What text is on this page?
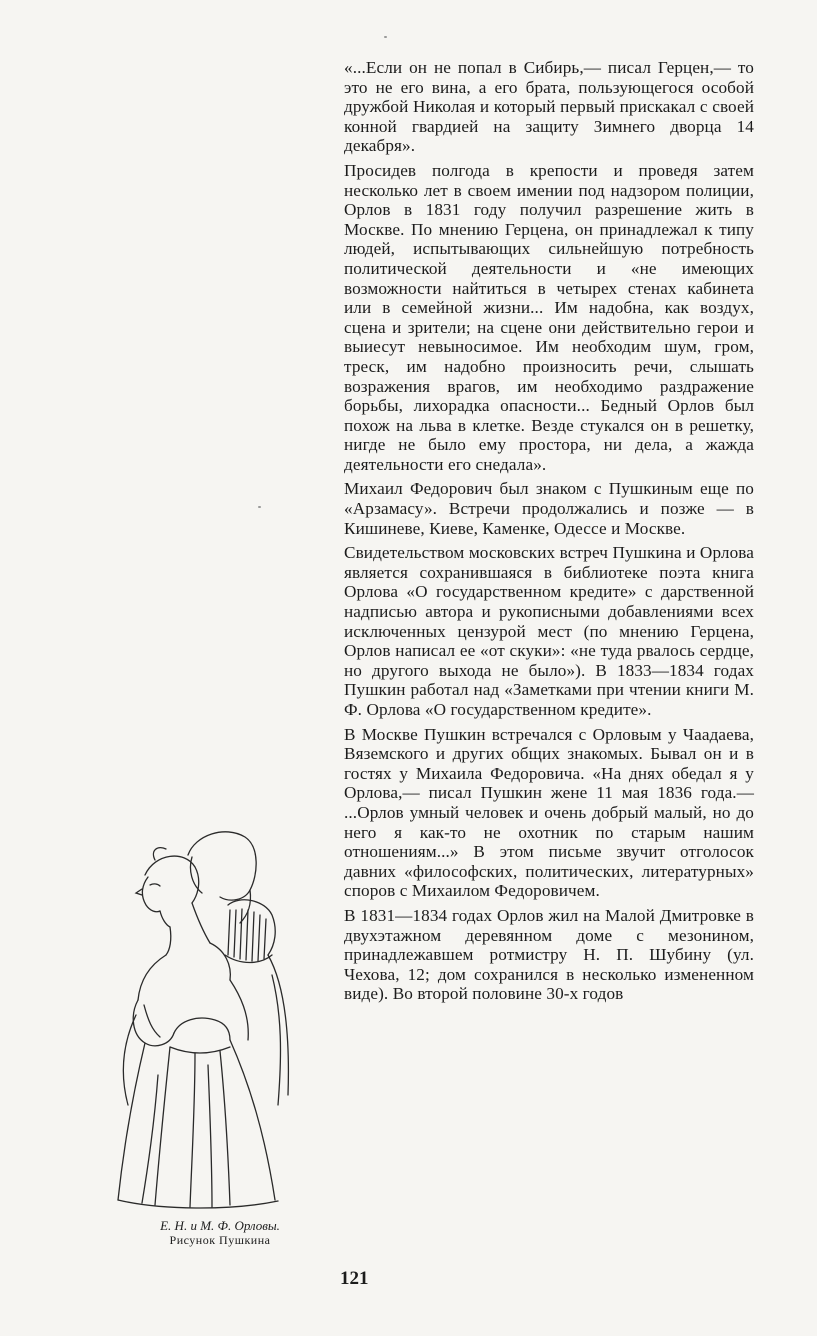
«...Если он не попал в Сибирь,— писал Герцен,— то это не его вина, а его брата, пользующегося особой дружбой Николая и который первый прискакал с своей конной гвардией на защиту Зимнего дворца 14 декабря».

Просидев полгода в крепости и проведя затем несколько лет в своем имении под надзором полиции, Орлов в 1831 году получил разрешение жить в Москве. По мнению Герцена, он принадлежал к типу людей, испытывающих сильнейшую потребность политической деятельности и «не имеющих возможности найтиться в четырех стенах кабинета или в семейной жизни... Им надобна, как воздух, сцена и зрители; на сцене они действительно герои и выиесут невыносимое. Им необходим шум, гром, треск, им надобно произносить речи, слышать возражения врагов, им необходимо раздражение борьбы, лихорадка опасности... Бедный Орлов был похож на льва в клетке. Везде стукался он в решетку, нигде не было ему простора, ни дела, а жажда деятельности его снедала».

Михаил Федорович был знаком с Пушкиным еще по «Арзамасу». Встречи продолжались и позже — в Кишиневе, Киеве, Каменке, Одессе и Москве.

Свидетельством московских встреч Пушкина и Орлова является сохранившаяся в библиотеке поэта книга Орлова «О государственном кредите» с дарственной надписью автора и рукописными добавлениями всех исключенных цензурой мест (по мнению Герцена, Орлов написал ее «от скуки»: «не туда рвалось сердце, но другого выхода не было»). В 1833—1834 годах Пушкин работал над «Заметками при чтении книги М. Ф. Орлова «О государственном кредите».

В Москве Пушкин встречался с Орловым у Чаадаева, Вяземского и других общих знакомых. Бывал он и в гостях у Михаила Федоровича. «На днях обедал я у Орлова,— писал Пушкин жене 11 мая 1836 года.— ...Орлов умный человек и очень добрый малый, но до него я как-то не охотник по старым нашим отношениям...» В этом письме звучит отголосок давних «философских, политических, литературных» споров с Михаилом Федоровичем.

В 1831—1834 годах Орлов жил на Малой Дмитровке в двухэтажном деревянном доме с мезонином, принадлежавшем ротмистру Н. П. Шубину (ул. Чехова, 12; дом сохранился в несколько измененном виде). Во второй половине 30-х годов

Е. Н. и М. Ф. Орловы.
Рисунок Пушкина
121
